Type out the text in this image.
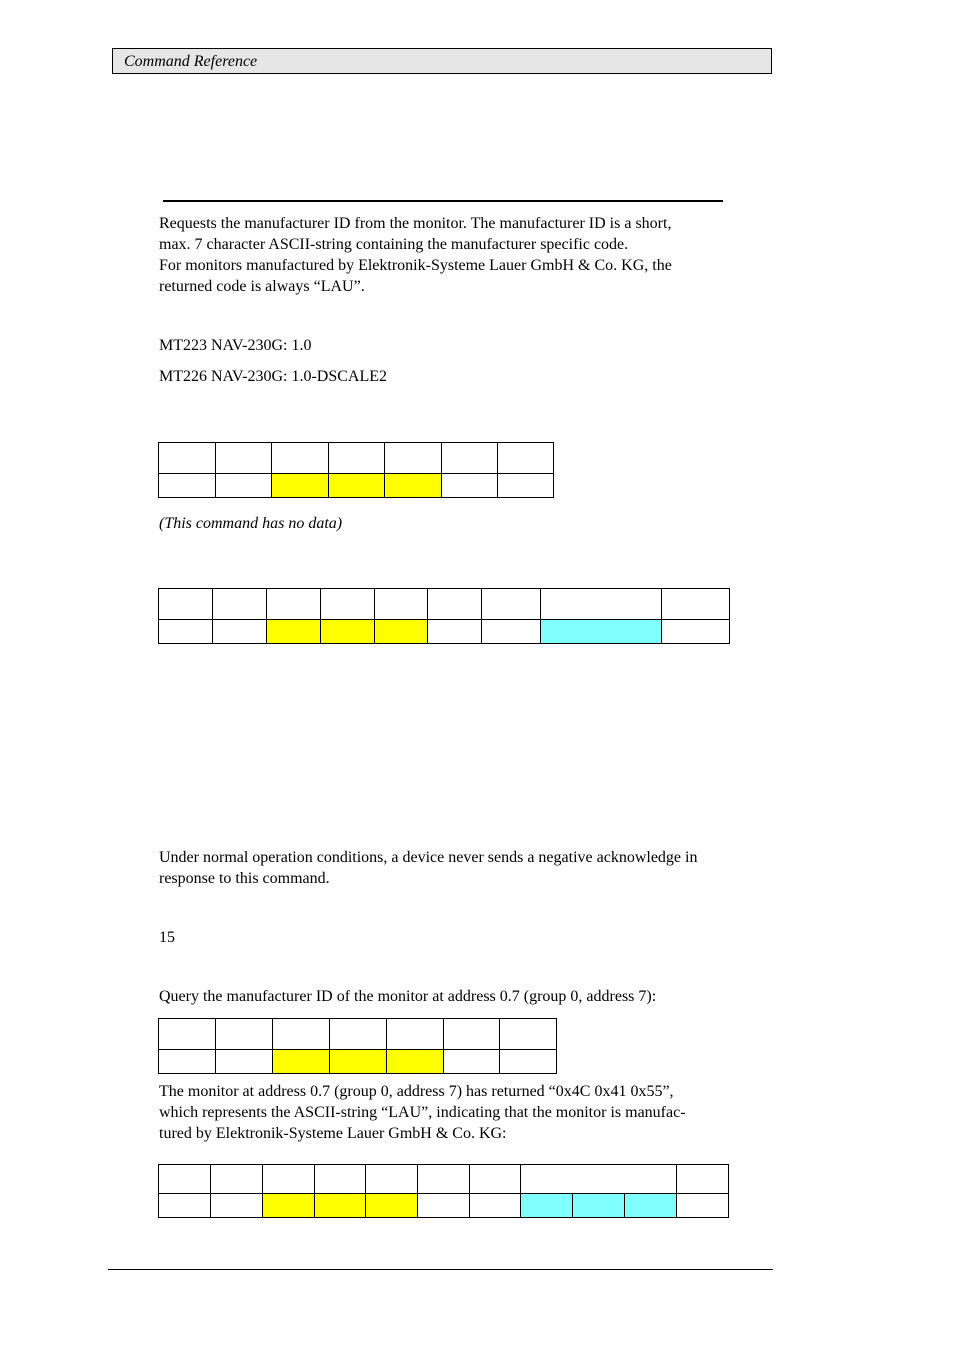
Command Reference
Requests the manufacturer ID from the monitor. The manufacturer ID is a short,
max. 7 character ASCII-string containing the manufacturer specific code.
For monitors manufactured by Elektronik-Systeme Lauer GmbH & Co. KG, the
returned code is always “LAU”.
MT223 NAV-230G: 1.0
MT226 NAV-230G: 1.0-DSCALE2

(This command has no data)

Under normal operation conditions, a device never sends a negative acknowledge in
response to this command.
15
Query the manufacturer ID of the monitor at address 0.7 (group 0, address 7):

The monitor at address 0.7 (group 0, address 7) has returned “0x4C 0x41 0x55”,
which represents the ASCII-string “LAU”, indicating that the monitor is manufac-
tured by Elektronik-Systeme Lauer GmbH & Co. KG:
